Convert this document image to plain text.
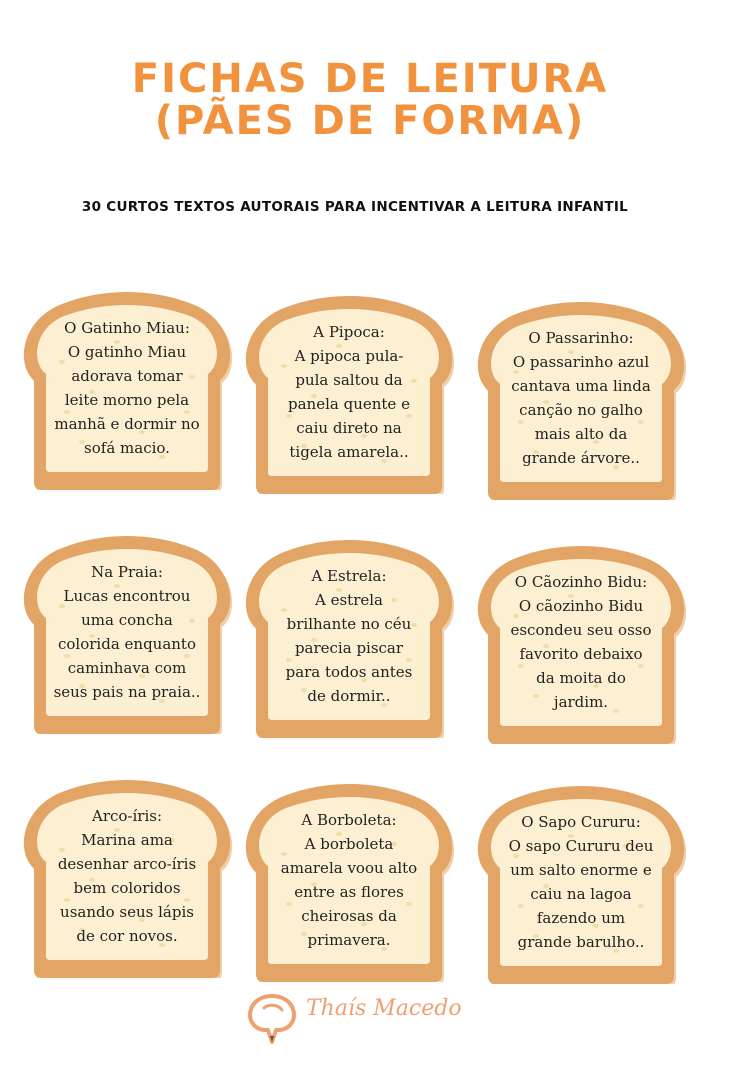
FICHAS DE LEITURA
(PÃES DE FORMA)
30 CURTOS TEXTOS AUTORAIS PARA INCENTIVAR A LEITURA INFANTIL
O Gatinho Miau:
O gatinho Miau
adorava tomar
leite morno pela
manhã e dormir no
sofá macio.
A Pipoca:
A pipoca pula-
pula saltou da
panela quente e
caiu direto na
tigela amarela..
O Passarinho:
O passarinho azul
cantava uma linda
canção no galho
mais alto da
grande árvore..
Na Praia:
Lucas encontrou
uma concha
colorida enquanto
caminhava com
seus pais na praia..
A Estrela:
A estrela
brilhante no céu
parecia piscar
para todos antes
de dormir..
O Cãozinho Bidu:
O cãozinho Bidu
escondeu seu osso
favorito debaixo
da moita do
jardim.
Arco-íris:
Marina ama
desenhar arco-íris
bem coloridos
usando seus lápis
de cor novos.
A Borboleta:
A borboleta
amarela voou alto
entre as flores
cheirosas da
primavera.
O Sapo Cururu:
O sapo Cururu deu
um salto enorme e
caiu na lagoa
fazendo um
grande barulho..
Thaís Macedo
